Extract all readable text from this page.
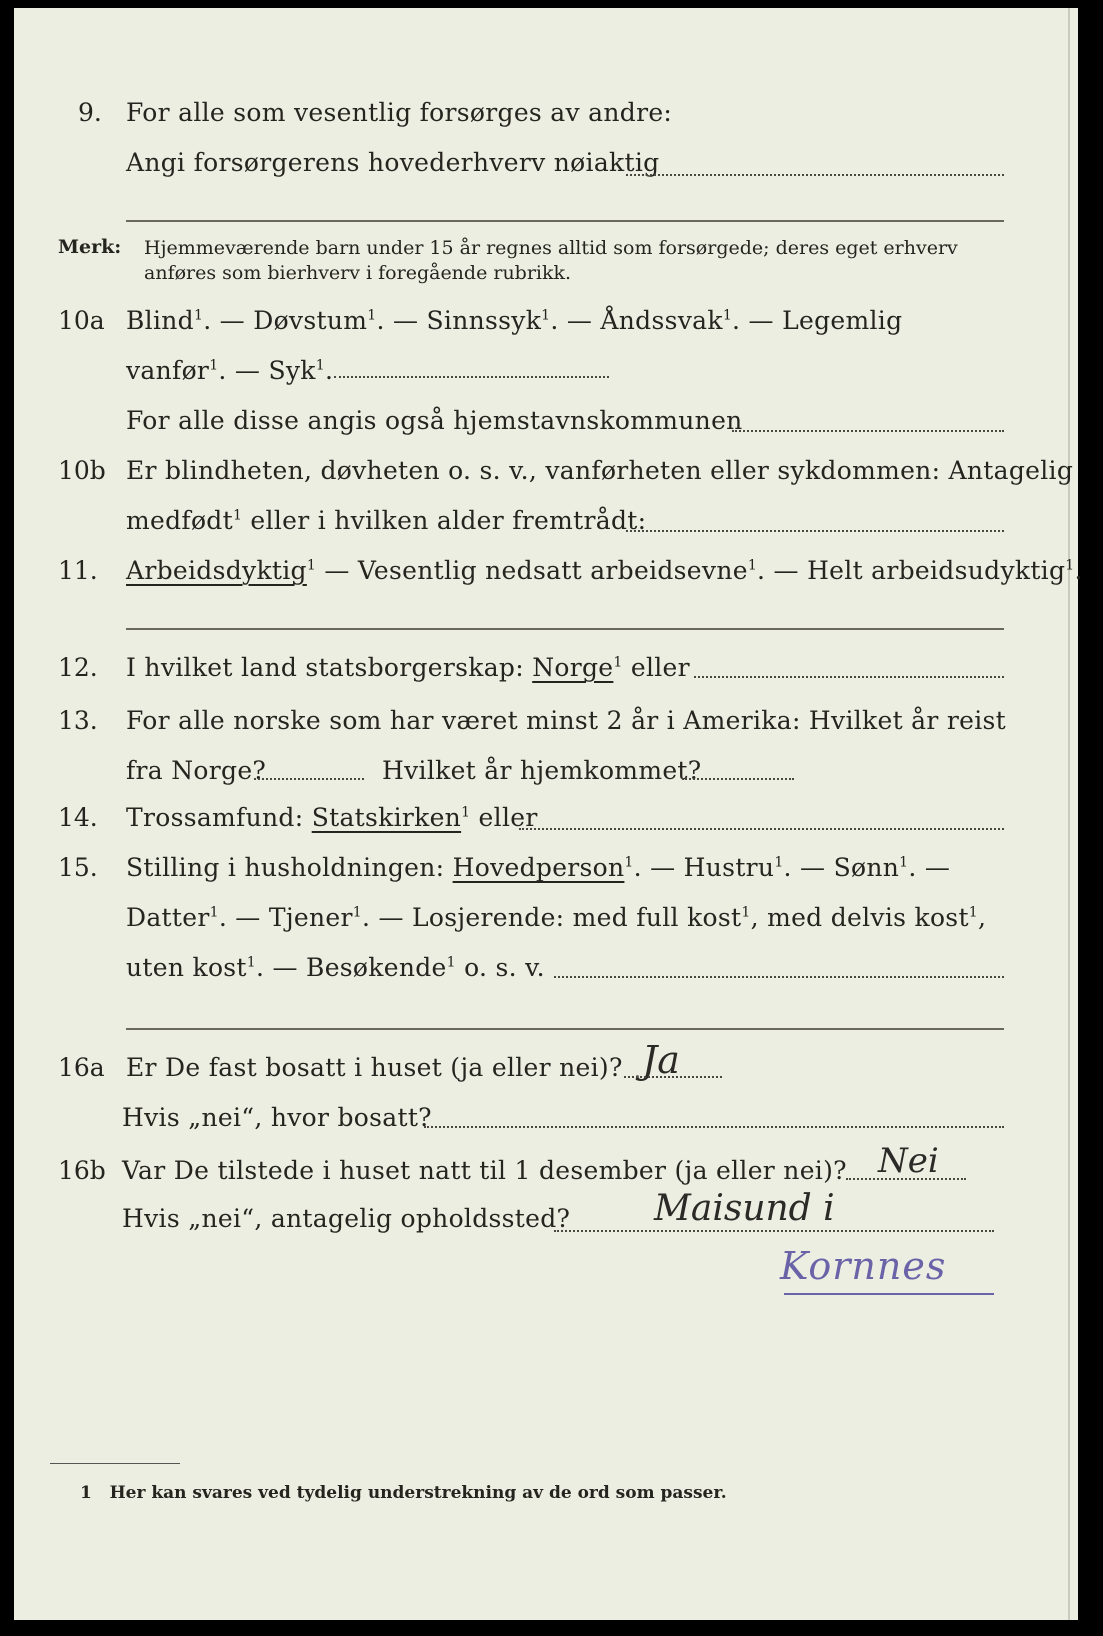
9. For alle som vesentlig forsørges av andre:
Angi forsørgerens hovederhverv nøiaktig
Merk: Hjemmeværende barn under 15 år regnes alltid som forsørgede; deres eget erhverv
anføres som bierhverv i foregående rubrikk.
10a Blind$^1$. — Døvstum$^1$. — Sinnssyk$^1$. — Åndssvak$^1$. — Legemlig
vanfør$^1$. — Syk$^1$.
For alle disse angis også hjemstavnskommunen
10b Er blindheten, døvheten o. s. v., vanførheten eller sykdommen: Antagelig
medfødt$^1$ eller i hvilken alder fremtrådt:
11. Arbeidsdyktig$^1$ — Vesentlig nedsatt arbeidsevne$^1$. — Helt arbeidsudyktig$^1$.
12. I hvilket land statsborgerskap: Norge$^1$ eller
13. For alle norske som har været minst 2 år i Amerika: Hvilket år reist
fra Norge?	Hvilket år hjemkommet?
14. Trossamfund: Statskirken$^1$ eller
15. Stilling i husholdningen: Hovedperson$^1$. — Hustru$^1$. — Sønn$^1$. —
Datter$^1$. — Tjener$^1$. — Losjerende: med full kost$^1$, med delvis kost$^1$,
uten kost$^1$. — Besøkende$^1$ o. s. v.
16a Er De fast bosatt i huset (ja eller nei)? Ja
Hvis „nei“, hvor bosatt?
16b Var De tilstede i huset natt til 1 desember (ja eller nei)? Nei
Hvis „nei“, antagelig opholdssted? Maisund i
Kornnes
1 Her kan svares ved tydelig understrekning av de ord som passer.
